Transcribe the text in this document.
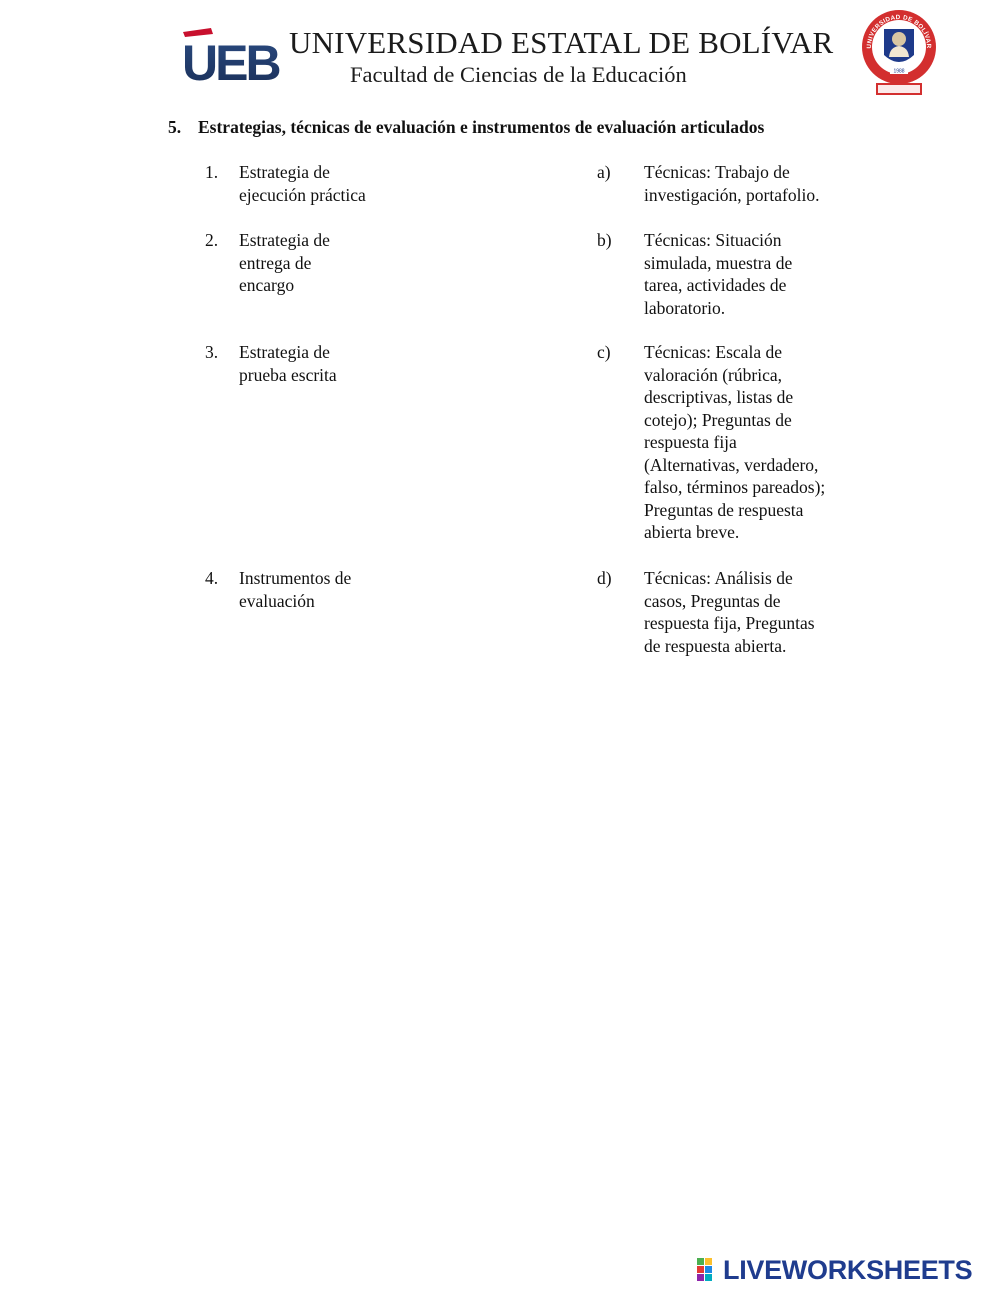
UEB UNIVERSIDAD ESTATAL DE BOLÍVAR
Facultad de Ciencias de la Educación
UNIVERSIDAD DE BOLÍVAR
1988
5. Estrategias, técnicas de evaluación e instrumentos de evaluación articulados
1. Estrategia de
ejecución práctica
2. Estrategia de
entrega de
encargo
3. Estrategia de
prueba escrita
4. Instrumentos de
evaluación
a) Técnicas: Trabajo de
investigación, portafolio.
b) Técnicas: Situación
simulada, muestra de
tarea, actividades de
laboratorio.
c) Técnicas: Escala de
valoración (rúbrica,
descriptivas, listas de
cotejo); Preguntas de
respuesta fija
(Alternativas, verdadero,
falso, términos pareados);
Preguntas de respuesta
abierta breve.
d) Técnicas: Análisis de
casos, Preguntas de
respuesta fija, Preguntas
de respuesta abierta.
LIVEWORKSHEETS
